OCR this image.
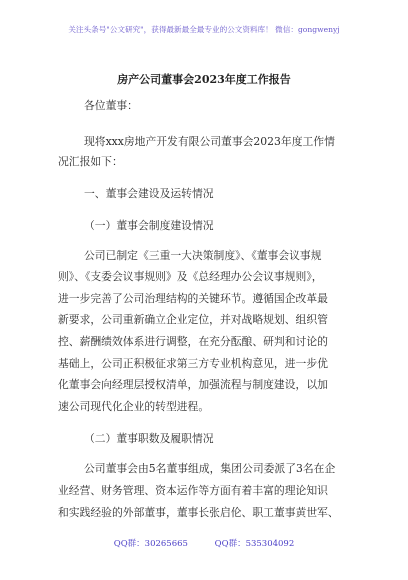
关注头条号"公文研究"，获得最新最全最专业的公文资料库！ 微信：gongwenyj
房产公司董事会2023年度工作报告
各位董事：
现将xxx房地产开发有限公司董事会2023年度工作情
况汇报如下：
一、董事会建设及运转情况
（一）董事会制度建设情况
公司已制定《三重一大决策制度》、《董事会议事规
则》、《支委会议事规则》及《总经理办公会议事规则》，
进一步完善了公司治理结构的关键环节。遵循国企改革最
新要求，公司重新确立企业定位，并对战略规划、组织管
控、薪酬绩效体系进行调整，在充分酝酿、研判和讨论的
基础上，公司正积极征求第三方专业机构意见，进一步优
化董事会向经理层授权清单，加强流程与制度建设，以加
速公司现代化企业的转型进程。
（二）董事职数及履职情况
公司董事会由5名董事组成，集团公司委派了3名在企
业经营、财务管理、资本运作等方面有着丰富的理论知识
和实践经验的外部董事，董事长张启伦、职工董事黄世军、
QQ群：30265665	QQ群：535304092
